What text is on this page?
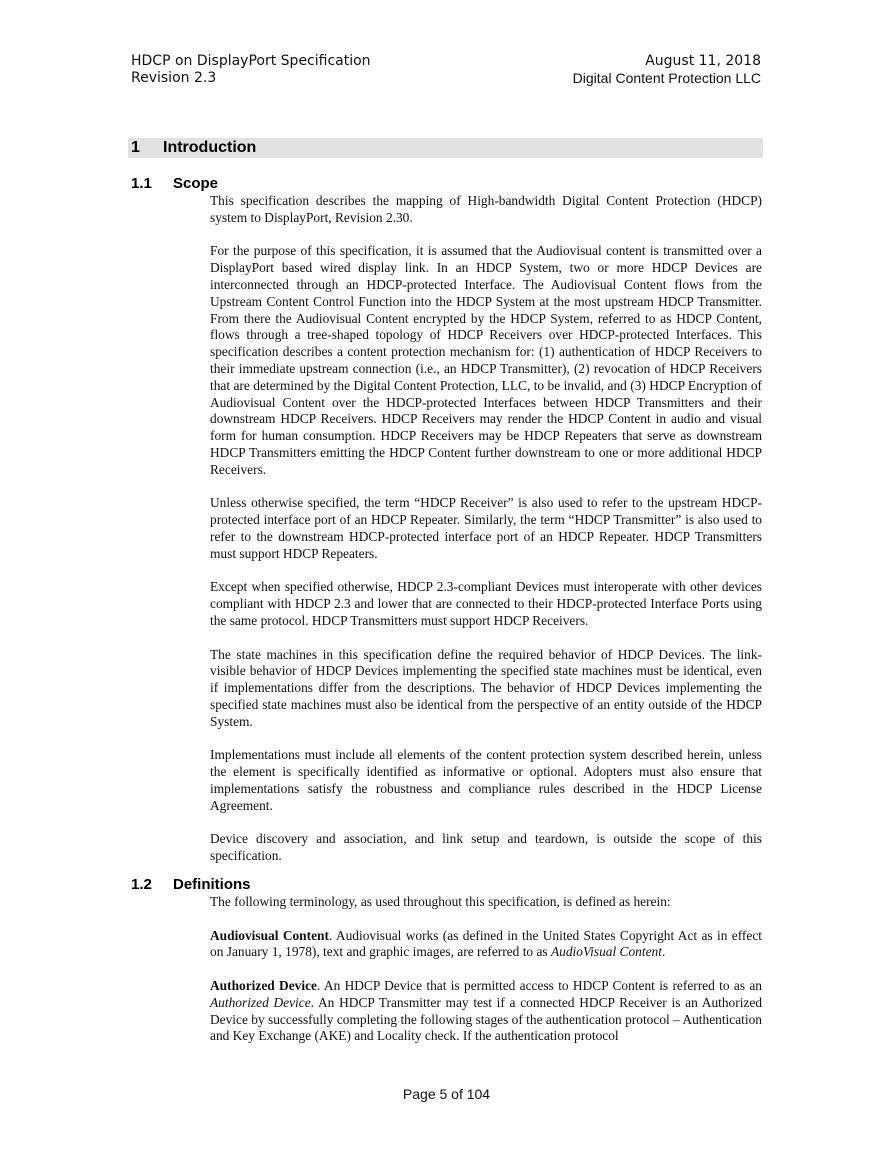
HDCP on DisplayPort Specification
Revision 2.3
August 11, 2018
Digital Content Protection LLC
1 Introduction
1.1 Scope

This specification describes the mapping of High-bandwidth Digital Content Protection (HDCP) system to DisplayPort, Revision 2.30.

For the purpose of this specification, it is assumed that the Audiovisual content is transmitted over a DisplayPort based wired display link. In an HDCP System, two or more HDCP Devices are interconnected through an HDCP-protected Interface. The Audiovisual Content flows from the Upstream Content Control Function into the HDCP System at the most upstream HDCP Transmitter. From there the Audiovisual Content encrypted by the HDCP System, referred to as HDCP Content, flows through a tree-shaped topology of HDCP Receivers over HDCP-protected Interfaces. This specification describes a content protection mechanism for: (1) authentication of HDCP Receivers to their immediate upstream connection (i.e., an HDCP Transmitter), (2) revocation of HDCP Receivers that are determined by the Digital Content Protection, LLC, to be invalid, and (3) HDCP Encryption of Audiovisual Content over the HDCP-protected Interfaces between HDCP Transmitters and their downstream HDCP Receivers. HDCP Receivers may render the HDCP Content in audio and visual form for human consumption. HDCP Receivers may be HDCP Repeaters that serve as downstream HDCP Transmitters emitting the HDCP Content further downstream to one or more additional HDCP Receivers.

Unless otherwise specified, the term “HDCP Receiver” is also used to refer to the upstream HDCP-protected interface port of an HDCP Repeater. Similarly, the term “HDCP Transmitter” is also used to refer to the downstream HDCP-protected interface port of an HDCP Repeater. HDCP Transmitters must support HDCP Repeaters.

Except when specified otherwise, HDCP 2.3-compliant Devices must interoperate with other devices compliant with HDCP 2.3 and lower that are connected to their HDCP-protected Interface Ports using the same protocol. HDCP Transmitters must support HDCP Receivers.

The state machines in this specification define the required behavior of HDCP Devices. The link-visible behavior of HDCP Devices implementing the specified state machines must be identical, even if implementations differ from the descriptions. The behavior of HDCP Devices implementing the specified state machines must also be identical from the perspective of an entity outside of the HDCP System.

Implementations must include all elements of the content protection system described herein, unless the element is specifically identified as informative or optional. Adopters must also ensure that implementations satisfy the robustness and compliance rules described in the HDCP License Agreement.

Device discovery and association, and link setup and teardown, is outside the scope of this specification.

1.2 Definitions

The following terminology, as used throughout this specification, is defined as herein:

Audiovisual Content. Audiovisual works (as defined in the United States Copyright Act as in effect on January 1, 1978), text and graphic images, are referred to as AudioVisual Content.

Authorized Device. An HDCP Device that is permitted access to HDCP Content is referred to as an Authorized Device. An HDCP Transmitter may test if a connected HDCP Receiver is an Authorized Device by successfully completing the following stages of the authentication protocol – Authentication and Key Exchange (AKE) and Locality check. If the authentication protocol

Page 5 of 104
